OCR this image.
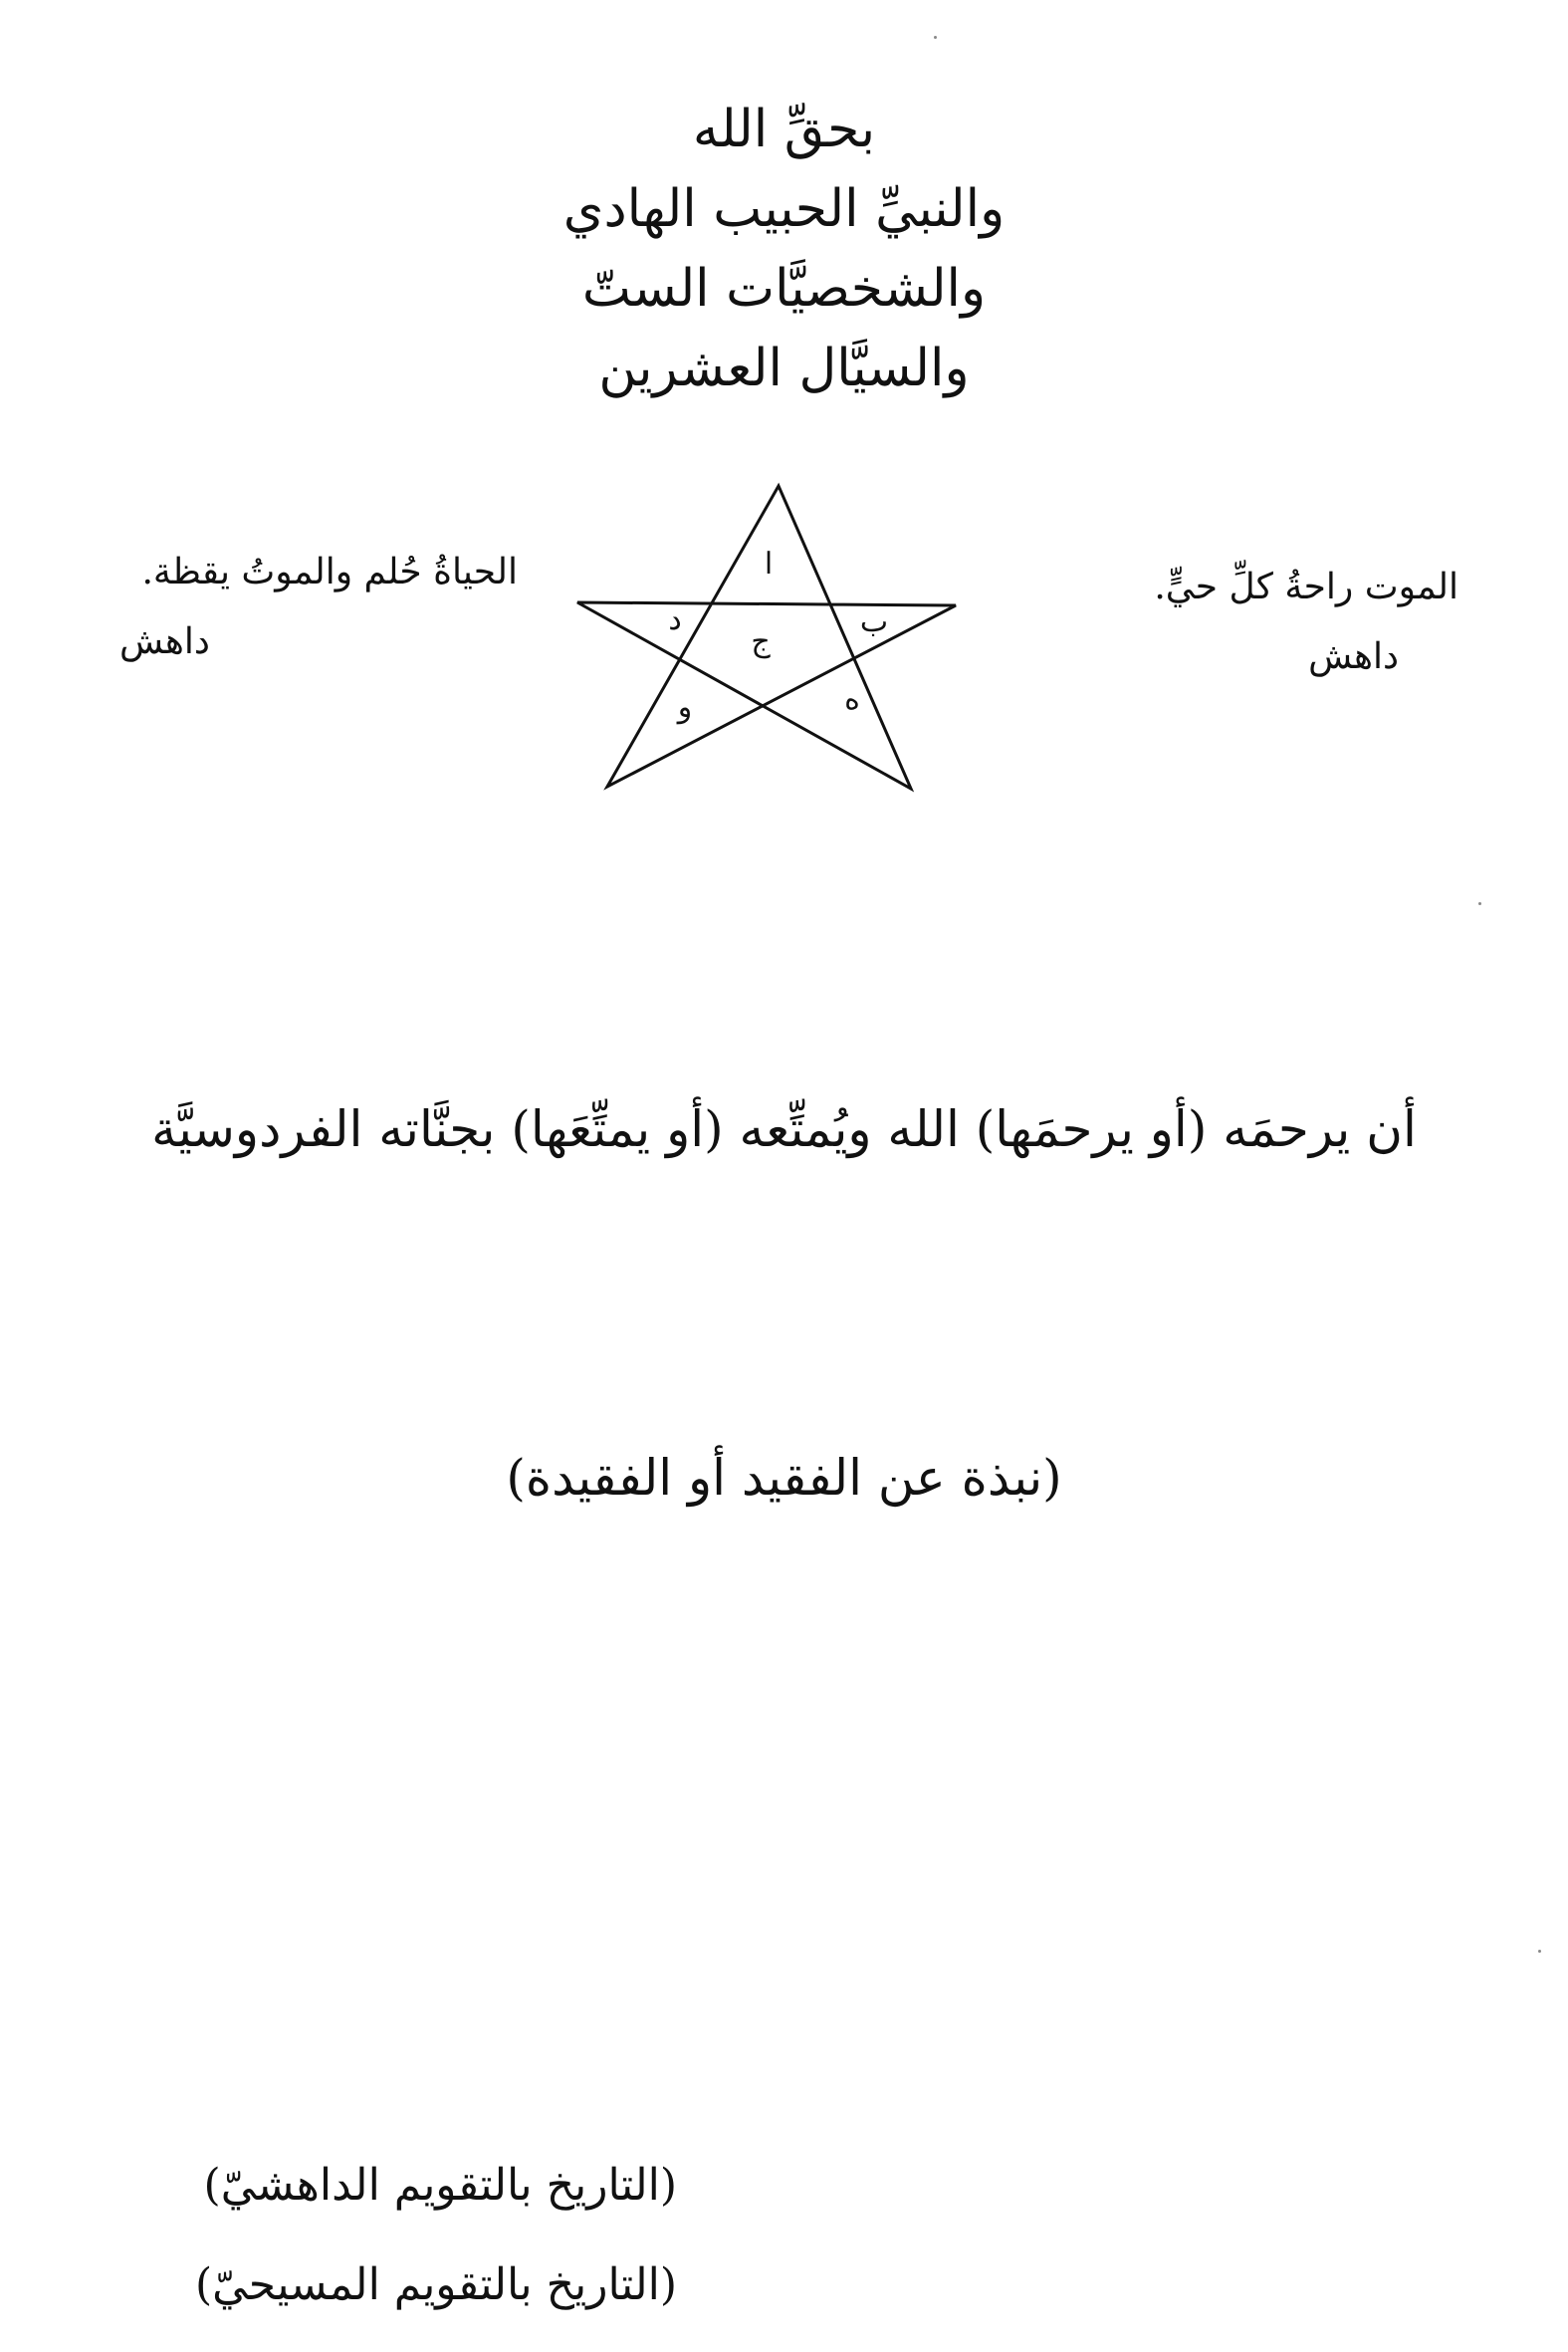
بحقِّ الله
والنبيِّ الحبيب الهادي
والشخصيَّات الستّ
والسيَّال العشرين
الموت راحةُ كلِّ حيٍّ.
داهش
الحياةُ حُلم والموتُ يقظة.
داهش
ا
ب
ج
د
ه
و
أن يرحمَه (أو يرحمَها) الله ويُمتِّعه (أو يمتِّعَها) بجنَّاته الفردوسيَّة
(نبذة عن الفقيد أو الفقيدة)
(التاريخ بالتقويم الداهشيّ)
(التاريخ بالتقويم المسيحيّ)
